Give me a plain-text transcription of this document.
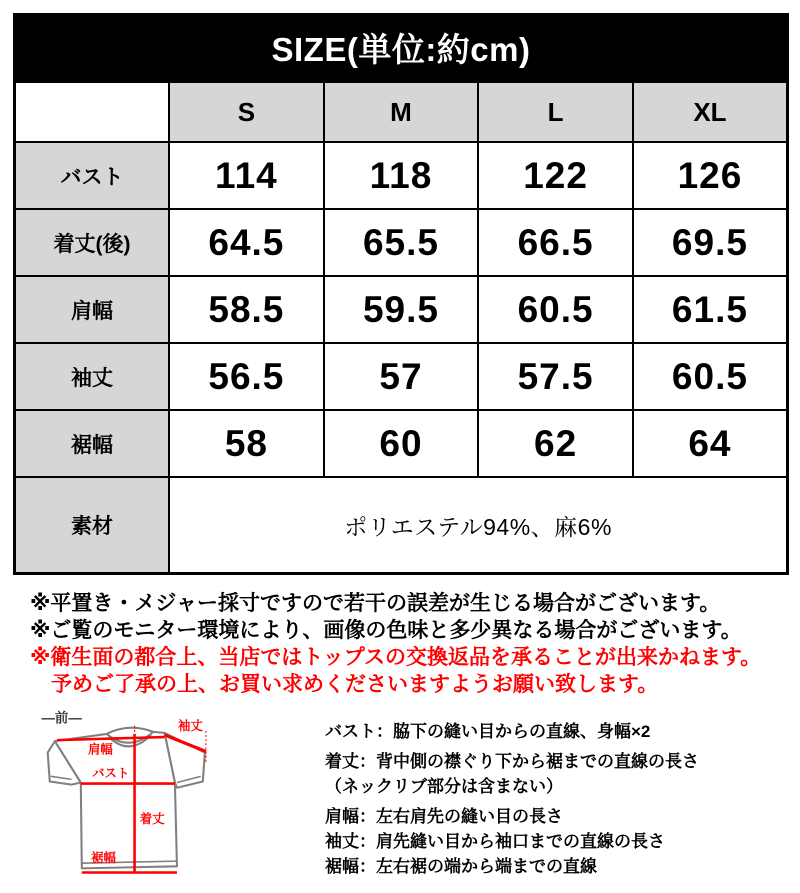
SIZE(単位:約cm)				
	S	M	L	XL
バスト	114	118	122	126
着丈(後)	64.5	65.5	66.5	69.5
肩幅	58.5	59.5	60.5	61.5
袖丈	56.5	57	57.5	60.5
裾幅	58	60	62	64
素材	ポリエステル94%、麻6%			

※平置き・メジャー採寸ですので若干の誤差が生じる場合がございます。

※ご覧のモニター環境により、画像の色味と多少異なる場合がございます。

※衛生面の都合上、当店ではトップスの交換返品を承ることが出来かねます。

予めご了承の上、お買い求めくださいますようお願い致します。

―前―
肩幅
袖丈
バスト
着丈
裾幅

バスト：脇下の縫い目からの直線、身幅×2

着丈：背中側の襟ぐり下から裾までの直線の長さ

（ネックリブ部分は含まない）

肩幅：左右肩先の縫い目の長さ

袖丈：肩先縫い目から袖口までの直線の長さ

裾幅：左右裾の端から端までの直線
